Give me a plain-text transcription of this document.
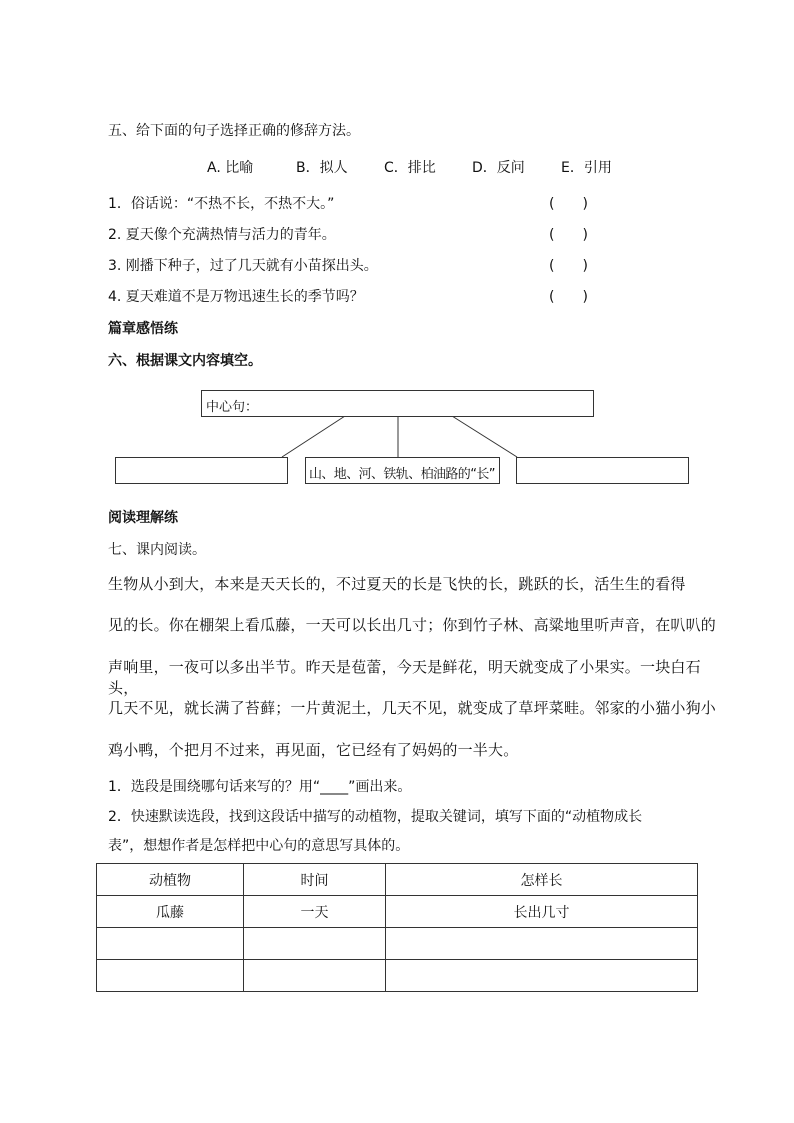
五、给下面的句子选择正确的修辞方法。
A. 比喻	B．拟人	C．排比	D．反问	E．引用
1．俗话说：“不热不长，不热不大。”	(　　)
2. 夏天像个充满热情与活力的青年。	(　　)
3. 刚播下种子，过了几天就有小苗探出头。	(　　)
4. 夏天难道不是万物迅速生长的季节吗？	(　　)
篇章感悟练
六、根据课文内容填空。
中心句：
山、地、河、铁轨、柏油路的“长”
阅读理解练
七、课内阅读。
生物从小到大，本来是天天长的，不过夏天的长是飞快的长，跳跃的长，活生生的看得
见的长。你在棚架上看瓜藤，一天可以长出几寸；你到竹子林、高粱地里听声音，在叭叭的
声响里，一夜可以多出半节。昨天是苞蕾，今天是鲜花，明天就变成了小果实。一块白石头，
几天不见，就长满了苔藓；一片黄泥土，几天不见，就变成了草坪菜畦。邻家的小猫小狗小
鸡小鸭，个把月不过来，再见面，它已经有了妈妈的一半大。
1．选段是围绕哪句话来写的？用“____”画出来。
2．快速默读选段，找到这段话中描写的动植物，提取关键词，填写下面的“动植物成长
表”，想想作者是怎样把中心句的意思写具体的。
动植物	时间	怎样长
瓜藤	一天	长出几寸
